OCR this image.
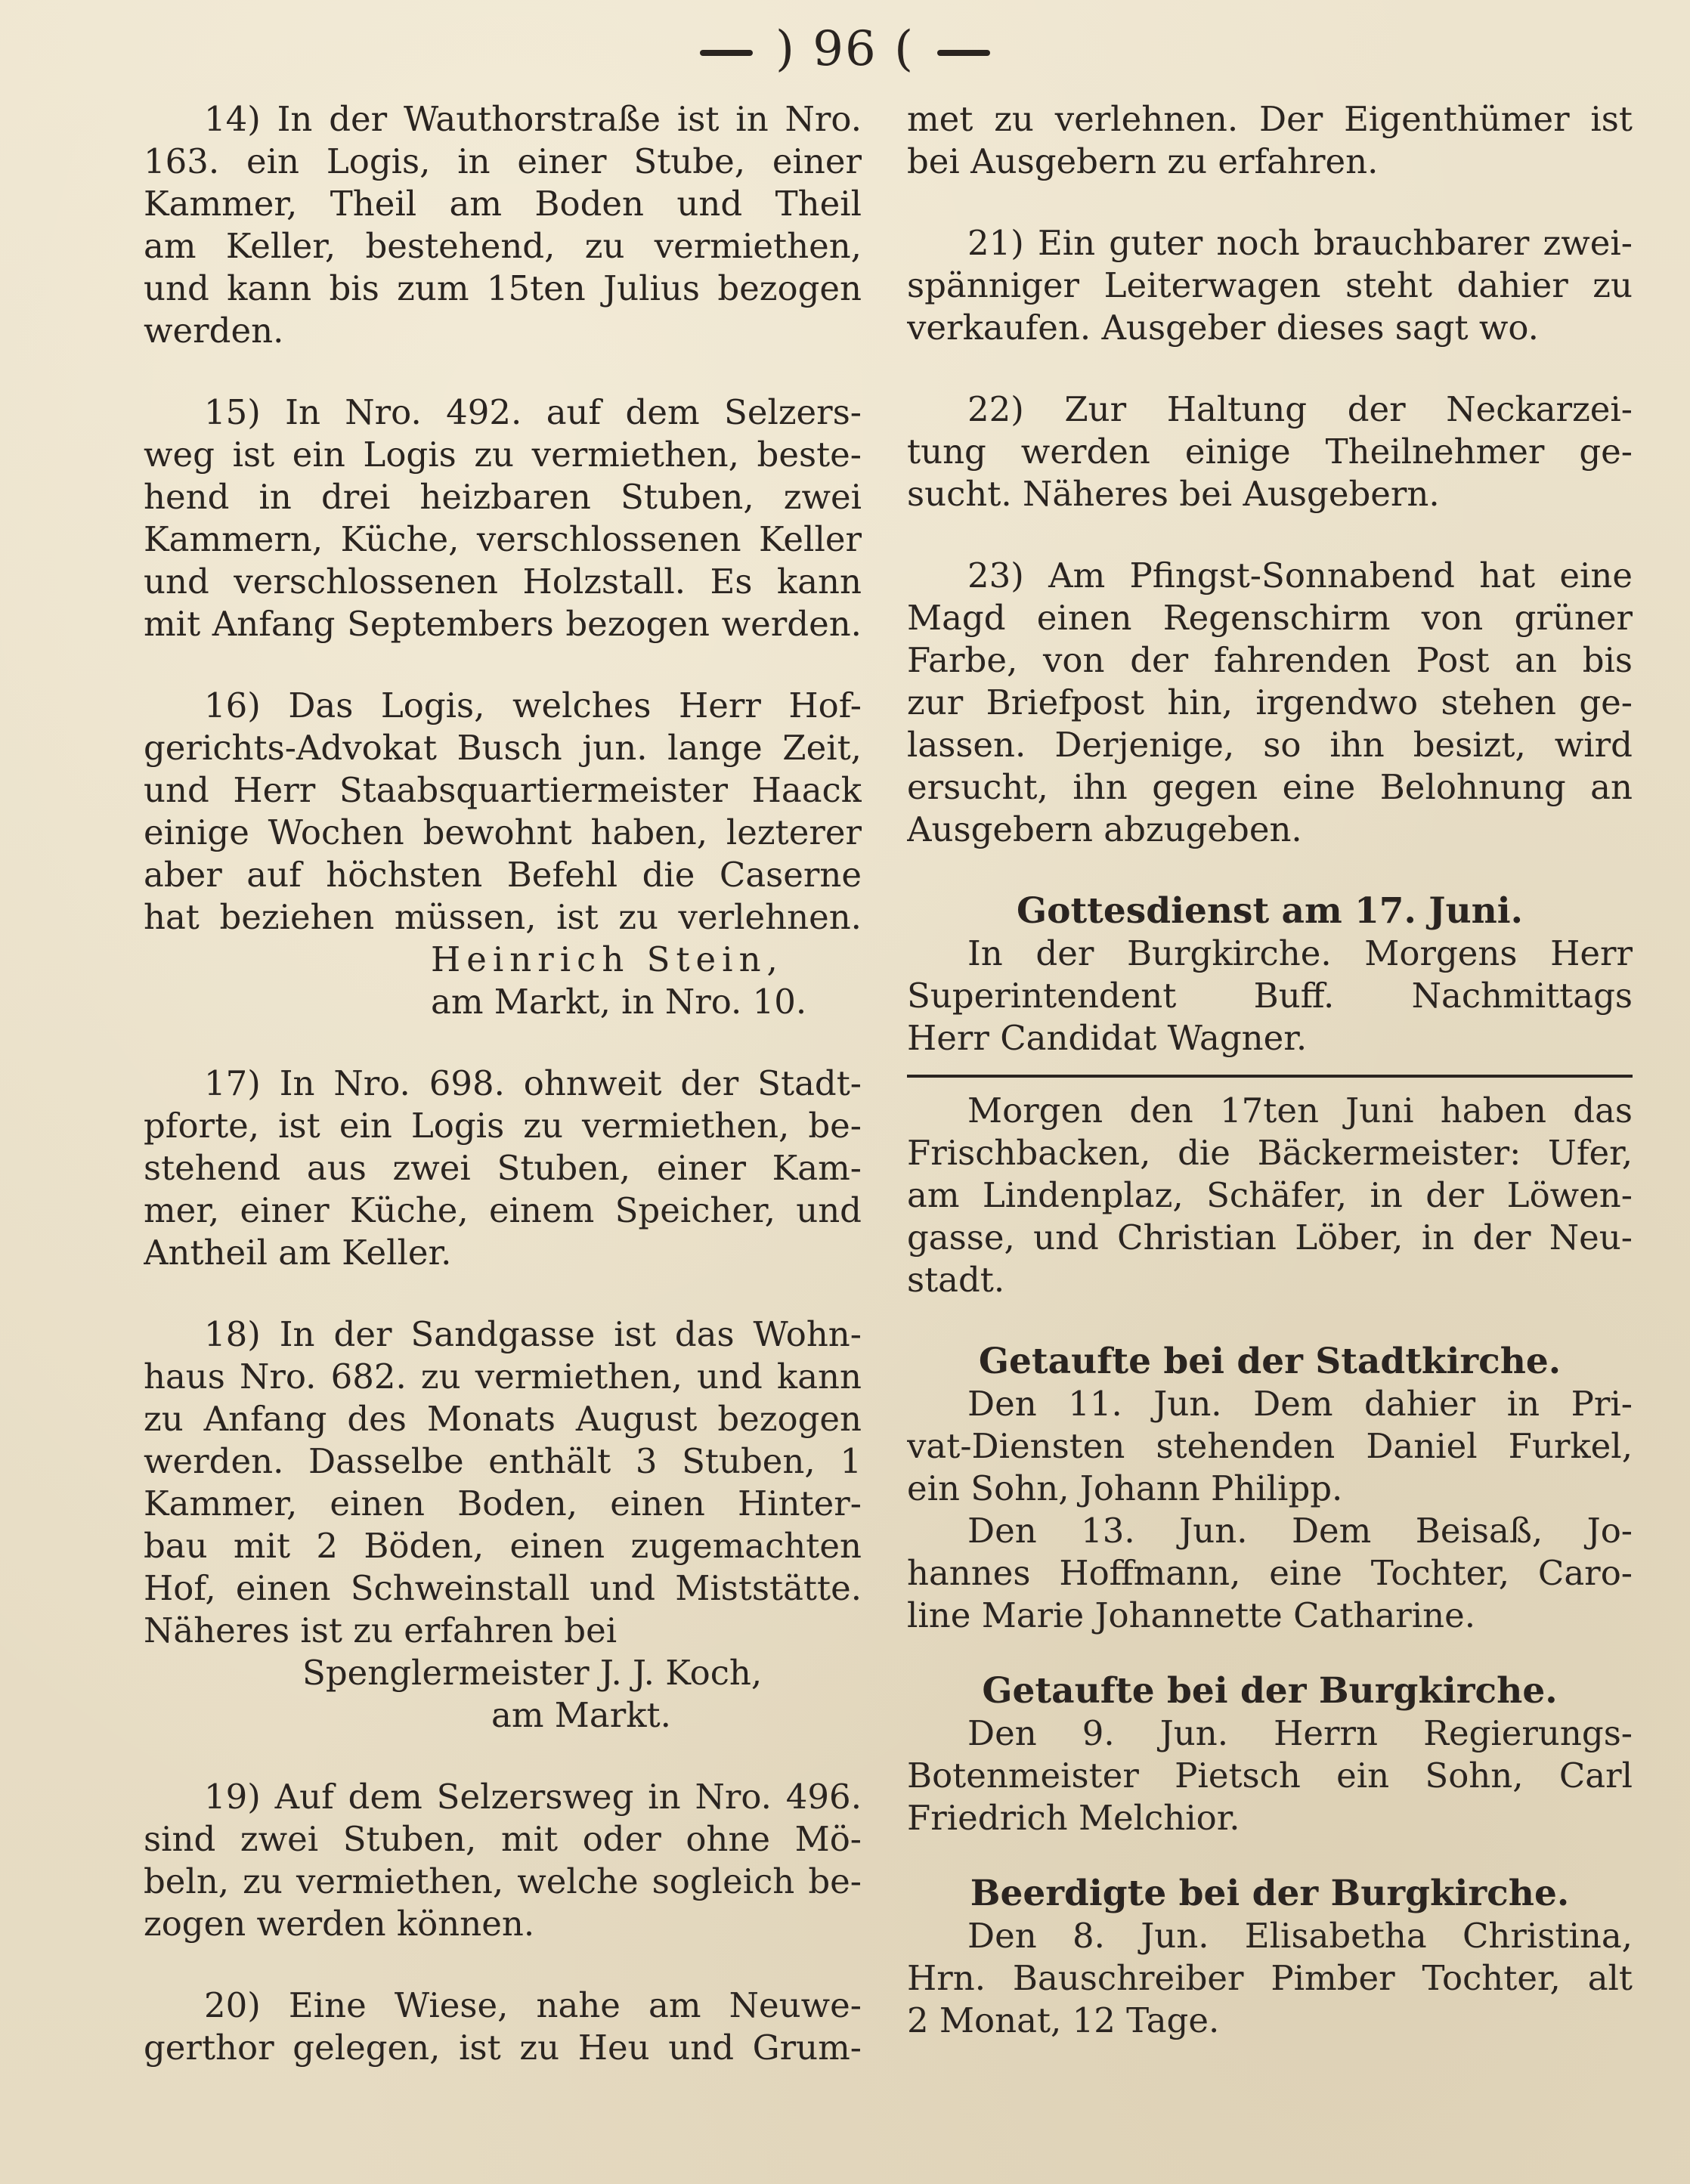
) 96 (
14) In der Wauthorstraße ist in Nro.
163. ein Logis, in einer Stube, einer
Kammer, Theil am Boden und Theil
am Keller, bestehend, zu vermiethen,
und kann bis zum 15ten Julius bezogen
werden.
15) In Nro. 492. auf dem Selzers-
weg ist ein Logis zu vermiethen, beste-
hend in drei heizbaren Stuben, zwei
Kammern, Küche, verschlossenen Keller
und verschlossenen Holzstall. Es kann
mit Anfang Septembers bezogen werden.
16) Das Logis, welches Herr Hof-
gerichts-Advokat Busch jun. lange Zeit,
und Herr Staabsquartiermeister Haack
einige Wochen bewohnt haben, lezterer
aber auf höchsten Befehl die Caserne
hat beziehen müssen, ist zu verlehnen.
Heinrich Stein,
am Markt, in Nro. 10.
17) In Nro. 698. ohnweit der Stadt-
pforte, ist ein Logis zu vermiethen, be-
stehend aus zwei Stuben, einer Kam-
mer, einer Küche, einem Speicher, und
Antheil am Keller.
18) In der Sandgasse ist das Wohn-
haus Nro. 682. zu vermiethen, und kann
zu Anfang des Monats August bezogen
werden. Dasselbe enthält 3 Stuben, 1
Kammer, einen Boden, einen Hinter-
bau mit 2 Böden, einen zugemachten
Hof, einen Schweinstall und Miststätte.
Näheres ist zu erfahren bei
Spenglermeister J. J. Koch,
am Markt.
19) Auf dem Selzersweg in Nro. 496.
sind zwei Stuben, mit oder ohne Mö-
beln, zu vermiethen, welche sogleich be-
zogen werden können.
20) Eine Wiese, nahe am Neuwe-
gerthor gelegen, ist zu Heu und Grum-
met zu verlehnen. Der Eigenthümer ist
bei Ausgebern zu erfahren.
21) Ein guter noch brauchbarer zwei-
spänniger Leiterwagen steht dahier zu
verkaufen. Ausgeber dieses sagt wo.
22) Zur Haltung der Neckarzei-
tung werden einige Theilnehmer ge-
sucht. Näheres bei Ausgebern.
23) Am Pfingst-Sonnabend hat eine
Magd einen Regenschirm von grüner
Farbe, von der fahrenden Post an bis
zur Briefpost hin, irgendwo stehen ge-
lassen. Derjenige, so ihn besizt, wird
ersucht, ihn gegen eine Belohnung an
Ausgebern abzugeben.
Gottesdienst am 17. Juni.
In der Burgkirche. Morgens Herr
Superintendent Buff. Nachmittags
Herr Candidat Wagner.
Morgen den 17ten Juni haben das
Frischbacken, die Bäckermeister: Ufer,
am Lindenplaz, Schäfer, in der Löwen-
gasse, und Christian Löber, in der Neu-
stadt.
Getaufte bei der Stadtkirche.
Den 11. Jun. Dem dahier in Pri-
vat-Diensten stehenden Daniel Furkel,
ein Sohn, Johann Philipp.
Den 13. Jun. Dem Beisaß, Jo-
hannes Hoffmann, eine Tochter, Caro-
line Marie Johannette Catharine.
Getaufte bei der Burgkirche.
Den 9. Jun. Herrn Regierungs-
Botenmeister Pietsch ein Sohn, Carl
Friedrich Melchior.
Beerdigte bei der Burgkirche.
Den 8. Jun. Elisabetha Christina,
Hrn. Bauschreiber Pimber Tochter, alt
2 Monat, 12 Tage.
